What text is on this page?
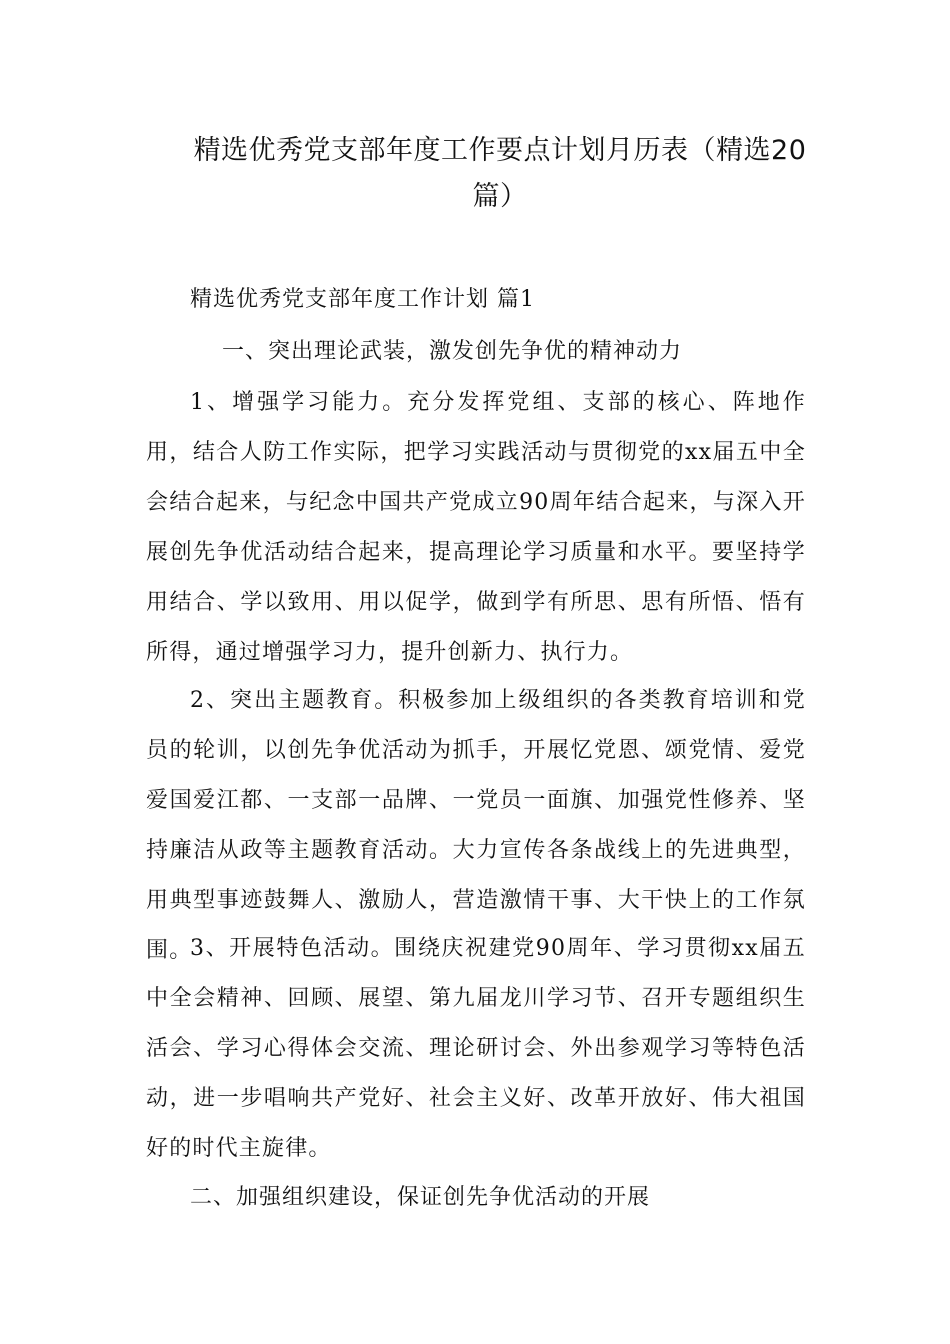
精选优秀党支部年度工作要点计划月历表（精选20
篇）
精选优秀党支部年度工作计划 篇1
一、突出理论武装，激发创先争优的精神动力

1、增强学习能力。充分发挥党组、支部的核心、阵地作用，结合人防工作实际，把学习实践活动与贯彻党的xx届五中全会结合起来，与纪念中国共产党成立90周年结合起来，与深入开展创先争优活动结合起来，提高理论学习质量和水平。要坚持学用结合、学以致用、用以促学，做到学有所思、思有所悟、悟有所得，通过增强学习力，提升创新力、执行力。

2、突出主题教育。积极参加上级组织的各类教育培训和党员的轮训，以创先争优活动为抓手，开展忆党恩、颂党情、爱党爱国爱江都、一支部一品牌、一党员一面旗、加强党性修养、坚持廉洁从政等主题教育活动。大力宣传各条战线上的先进典型，用典型事迹鼓舞人、激励人，营造激情干事、大干快上的工作氛围。

3、开展特色活动。围绕庆祝建党90周年、学习贯彻xx届五中全会精神、回顾、展望、第九届龙川学习节、召开专题组织生活会、学习心得体会交流、理论研讨会、外出参观学习等特色活动，进一步唱响共产党好、社会主义好、改革开放好、伟大祖国好的时代主旋律。

二、加强组织建设，保证创先争优活动的开展
